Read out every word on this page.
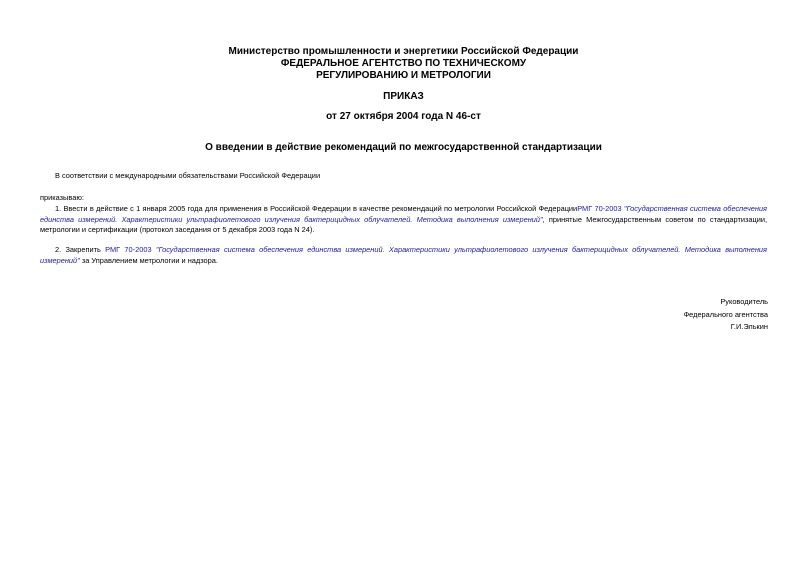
Министерство промышленности и энергетики Российской Федерации
ФЕДЕРАЛЬНОЕ АГЕНТСТВО ПО ТЕХНИЧЕСКОМУ
РЕГУЛИРОВАНИЮ И МЕТРОЛОГИИ
ПРИКАЗ
от 27 октября 2004 года N 46-ст
О введении в действие рекомендаций по межгосударственной стандартизации
В соответствии с международными обязательствами Российской Федерации
приказываю:
1. Ввести в действие с 1 января 2005 года для применения в Российской Федерации в качестве рекомендаций по метрологии Российской ФедерацииРМГ 70-2003 "Государственная система обеспечения единства измерений. Характеристики ультрафиолетового излучения бактерицидных облучателей. Методика выполнения измерений", принятые Межгосударственным советом по стандартизации, метрологии и сертификации (протокол заседания от 5 декабря 2003 года N 24).
2. Закрепить РМГ 70-2003 "Государственная система обеспечения единства измерений. Характеристики ультрафиолетового излучения бактерицидных облучателей. Методика выполнения измерений" за Управлением метрологии и надзора.
Руководитель
Федерального агентства
Г.И.Элькин
